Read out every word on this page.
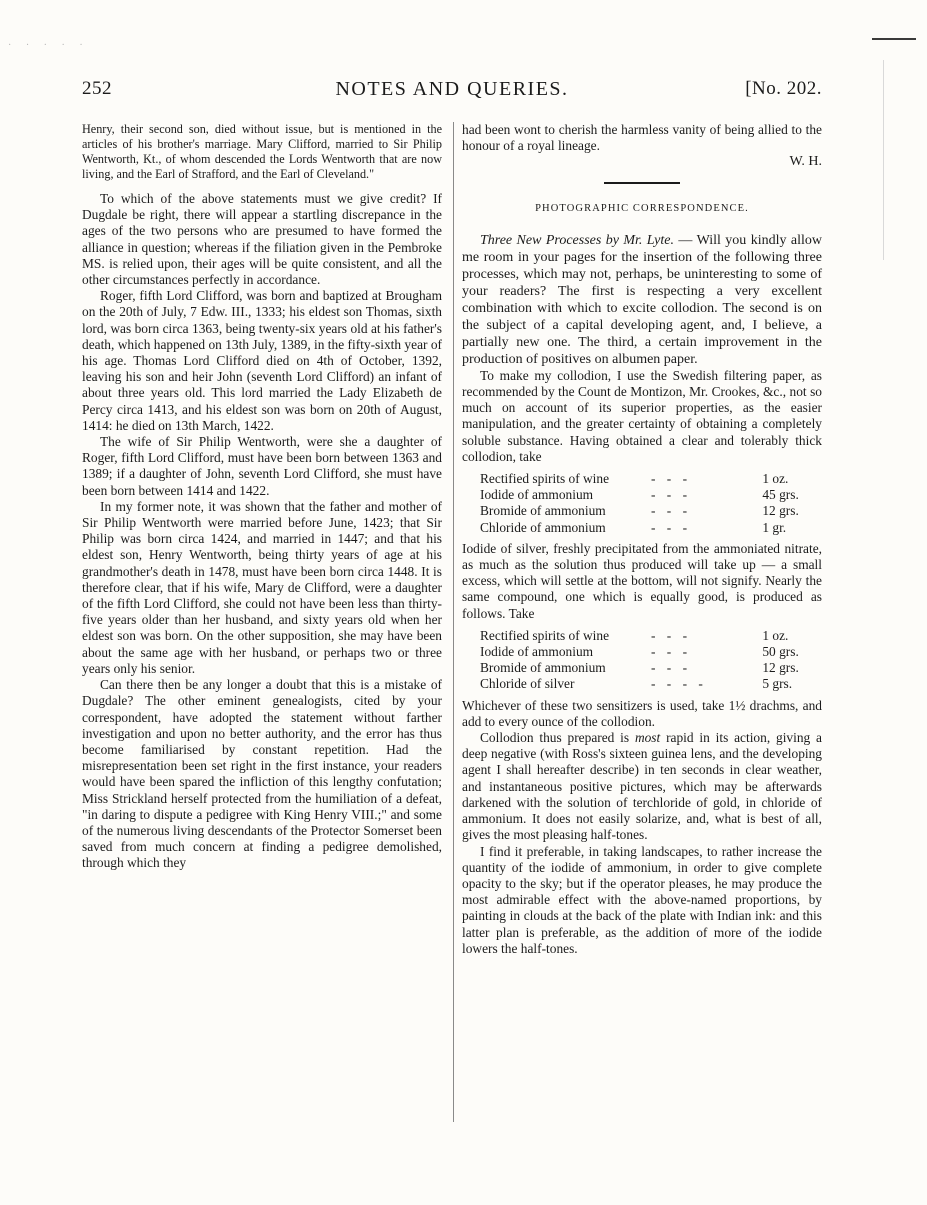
· · · · ·
252	NOTES AND QUERIES.	[No. 202.

Henry, their second son, died without issue, but is mentioned in the articles of his brother's marriage. Mary Clifford, married to Sir Philip Wentworth, Kt., of whom descended the Lords Wentworth that are now living, and the Earl of Strafford, and the Earl of Cleveland."

To which of the above statements must we give credit? If Dugdale be right, there will appear a startling discrepance in the ages of the two persons who are presumed to have formed the alliance in question; whereas if the filiation given in the Pembroke MS. is relied upon, their ages will be quite consistent, and all the other circumstances perfectly in accordance.

Roger, fifth Lord Clifford, was born and baptized at Brougham on the 20th of July, 7 Edw. III., 1333; his eldest son Thomas, sixth lord, was born circa 1363, being twenty-six years old at his father's death, which happened on 13th July, 1389, in the fifty-sixth year of his age. Thomas Lord Clifford died on 4th of October, 1392, leaving his son and heir John (seventh Lord Clifford) an infant of about three years old. This lord married the Lady Elizabeth de Percy circa 1413, and his eldest son was born on 20th of August, 1414: he died on 13th March, 1422.

The wife of Sir Philip Wentworth, were she a daughter of Roger, fifth Lord Clifford, must have been born between 1363 and 1389; if a daughter of John, seventh Lord Clifford, she must have been born between 1414 and 1422.

In my former note, it was shown that the father and mother of Sir Philip Wentworth were married before June, 1423; that Sir Philip was born circa 1424, and married in 1447; and that his eldest son, Henry Wentworth, being thirty years of age at his grandmother's death in 1478, must have been born circa 1448. It is therefore clear, that if his wife, Mary de Clifford, were a daughter of the fifth Lord Clifford, she could not have been less than thirty-five years older than her husband, and sixty years old when her eldest son was born. On the other supposition, she may have been about the same age with her husband, or perhaps two or three years only his senior.

Can there then be any longer a doubt that this is a mistake of Dugdale? The other eminent genealogists, cited by your correspondent, have adopted the statement without farther investigation and upon no better authority, and the error has thus become familiarised by constant repetition. Had the misrepresentation been set right in the first instance, your readers would have been spared the infliction of this lengthy confutation; Miss Strickland herself protected from the humiliation of a defeat, "in daring to dispute a pedigree with King Henry VIII.;" and some of the numerous living descendants of the Protector Somerset been saved from much concern at finding a pedigree demolished, through which they

had been wont to cherish the harmless vanity of being allied to the honour of a royal lineage.

W. H.
PHOTOGRAPHIC CORRESPONDENCE.

Three New Processes by Mr. Lyte. — Will you kindly allow me room in your pages for the insertion of the following three processes, which may not, perhaps, be uninteresting to some of your readers? The first is respecting a very excellent combination with which to excite collodion. The second is on the subject of a capital developing agent, and, I believe, a partially new one. The third, a certain improvement in the production of positives on albumen paper.

To make my collodion, I use the Swedish filtering paper, as recommended by the Count de Montizon, Mr. Crookes, &c., not so much on account of its superior properties, as the easier manipulation, and the greater certainty of obtaining a completely soluble substance. Having obtained a clear and tolerably thick collodion, take

Rectified spirits of wine	- - -	1 oz.
Iodide of ammonium	- - -	45 grs.
Bromide of ammonium	- - -	12 grs.
Chloride of ammonium	- - -	1 gr.

Iodide of silver, freshly precipitated from the ammoniated nitrate, as much as the solution thus produced will take up — a small excess, which will settle at the bottom, will not signify. Nearly the same compound, one which is equally good, is produced as follows. Take

Rectified spirits of wine	- - -	1 oz.
Iodide of ammonium	- - -	50 grs.
Bromide of ammonium	- - -	12 grs.
Chloride of silver	- - - -	5 grs.

Whichever of these two sensitizers is used, take 1½ drachms, and add to every ounce of the collodion.

Collodion thus prepared is most rapid in its action, giving a deep negative (with Ross's sixteen guinea lens, and the developing agent I shall hereafter describe) in ten seconds in clear weather, and instantaneous positive pictures, which may be afterwards darkened with the solution of terchloride of gold, in chloride of ammonium. It does not easily solarize, and, what is best of all, gives the most pleasing half-tones.

I find it preferable, in taking landscapes, to rather increase the quantity of the iodide of ammonium, in order to give complete opacity to the sky; but if the operator pleases, he may produce the most admirable effect with the above-named proportions, by painting in clouds at the back of the plate with Indian ink: and this latter plan is preferable, as the addition of more of the iodide lowers the half-tones.
